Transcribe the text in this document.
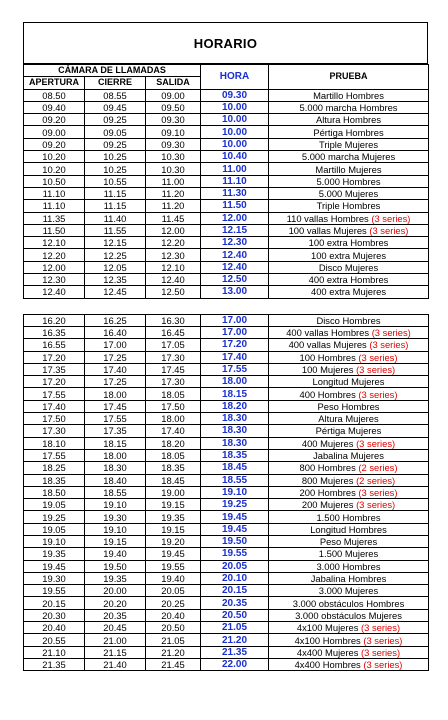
HORARIO
CÁMARA DE LLAMADAS			HORA	PRUEBA
APERTURA	CIERRE	SALIDA		
08.50	08.55	09.00	09.30	Martillo Hombres
09.40	09.45	09.50	10.00	5.000 marcha Hombres
09.20	09.25	09.30	10.00	Altura Hombres
09.00	09.05	09.10	10.00	Pértiga Hombres
09.20	09.25	09.30	10.00	Triple Mujeres
10.20	10.25	10.30	10.40	5.000 marcha Mujeres
10.20	10.25	10.30	11.00	Martillo Mujeres
10.50	10.55	11.00	11.10	5.000 Hombres
11.10	11.15	11.20	11.30	5.000 Mujeres
11.10	11.15	11.20	11.50	Triple Hombres
11.35	11.40	11.45	12.00	110 vallas Hombres (3 series)
11.50	11.55	12.00	12.15	100 vallas Mujeres (3 series)
12.10	12.15	12.20	12.30	100 extra Hombres
12.20	12.25	12.30	12.40	100 extra Mujeres
12.00	12.05	12.10	12.40	Disco Mujeres
12.30	12.35	12.40	12.50	400 extra Hombres
12.40	12.45	12.50	13.00	400 extra Mujeres
16.20	16.25	16.30	17.00	Disco Hombres
16.35	16.40	16.45	17.00	400 vallas Hombres (3 series)
16.55	17.00	17.05	17.20	400 vallas Mujeres (3 series)
17.20	17.25	17.30	17.40	100 Hombres (3 series)
17.35	17.40	17.45	17.55	100 Mujeres (3 series)
17.20	17.25	17.30	18.00	Longitud Mujeres
17.55	18.00	18.05	18.15	400 Hombres (3 series)
17.40	17.45	17.50	18.20	Peso Hombres
17.50	17.55	18.00	18.30	Altura Mujeres
17.30	17.35	17.40	18.30	Pértiga Mujeres
18.10	18.15	18.20	18.30	400 Mujeres (3 series)
17.55	18.00	18.05	18.35	Jabalina Mujeres
18.25	18.30	18.35	18.45	800 Hombres (2 series)
18.35	18.40	18.45	18.55	800 Mujeres (2 series)
18.50	18.55	19.00	19.10	200 Hombres (3 series)
19.05	19.10	19.15	19.25	200 Mujeres (3 series)
19.25	19.30	19.35	19.45	1.500 Hombres
19.05	19.10	19.15	19.45	Longitud Hombres
19.10	19.15	19.20	19.50	Peso Mujeres
19.35	19.40	19.45	19.55	1.500 Mujeres
19.45	19.50	19.55	20.05	3.000 Hombres
19.30	19.35	19.40	20.10	Jabalina Hombres
19.55	20.00	20.05	20.15	3.000 Mujeres
20.15	20.20	20.25	20.35	3.000 obstáculos Hombres
20.30	20.35	20.40	20.50	3.000 obstáculos Mujeres
20.40	20.45	20.50	21.05	4x100 Mujeres (3 series)
20.55	21.00	21.05	21.20	4x100 Hombres (3 series)
21.10	21.15	21.20	21.35	4x400 Mujeres (3 series)
21.35	21.40	21.45	22.00	4x400 Hombres (3 series)
